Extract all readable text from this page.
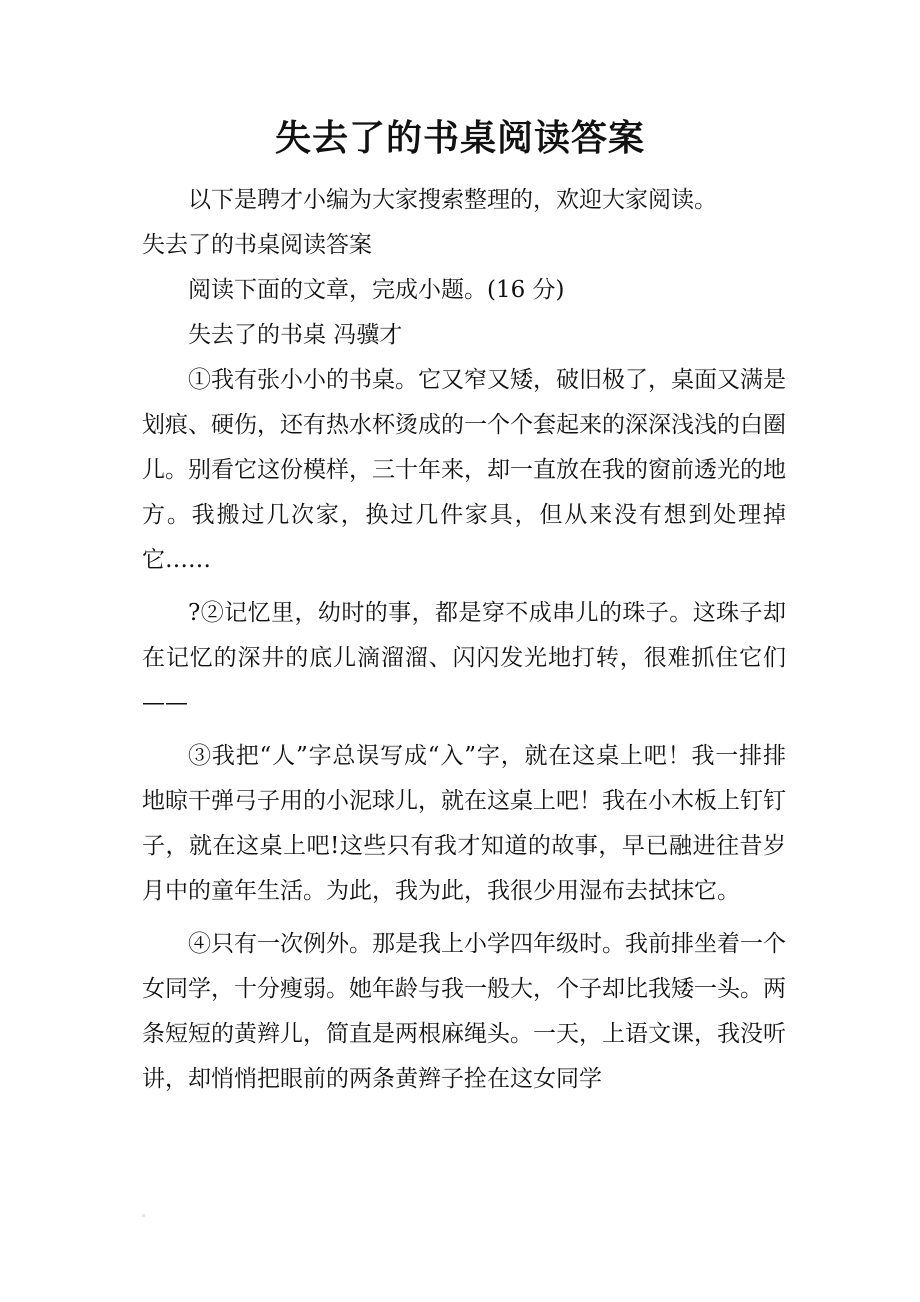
失去了的书桌阅读答案

以下是聘才小编为大家搜索整理的，欢迎大家阅读。

失去了的书桌阅读答案

阅读下面的文章，完成小题。(16 分)

失去了的书桌 冯骥才

①我有张小小的书桌。它又窄又矮，破旧极了，桌面又满是划痕、硬伤，还有热水杯烫成的一个个套起来的深深浅浅的白圈儿。别看它这份模样，三十年来，却一直放在我的窗前透光的地方。我搬过几次家，换过几件家具，但从来没有想到处理掉它……

?②记忆里，幼时的事，都是穿不成串儿的珠子。这珠子却在记忆的深井的底儿滴溜溜、闪闪发光地打转，很难抓住它们——

③我把“人”字总误写成“入”字，就在这桌上吧！我一排排地晾干弹弓子用的小泥球儿，就在这桌上吧！我在小木板上钉钉子，就在这桌上吧!这些只有我才知道的故事，早已融进往昔岁月中的童年生活。为此，我为此，我很少用湿布去拭抹它。

④只有一次例外。那是我上小学四年级时。我前排坐着一个女同学，十分瘦弱。她年龄与我一般大，个子却比我矮一头。两条短短的黄辫儿，简直是两根麻绳头。一天，上语文课，我没听讲，却悄悄把眼前的两条黄辫子拴在这女同学
